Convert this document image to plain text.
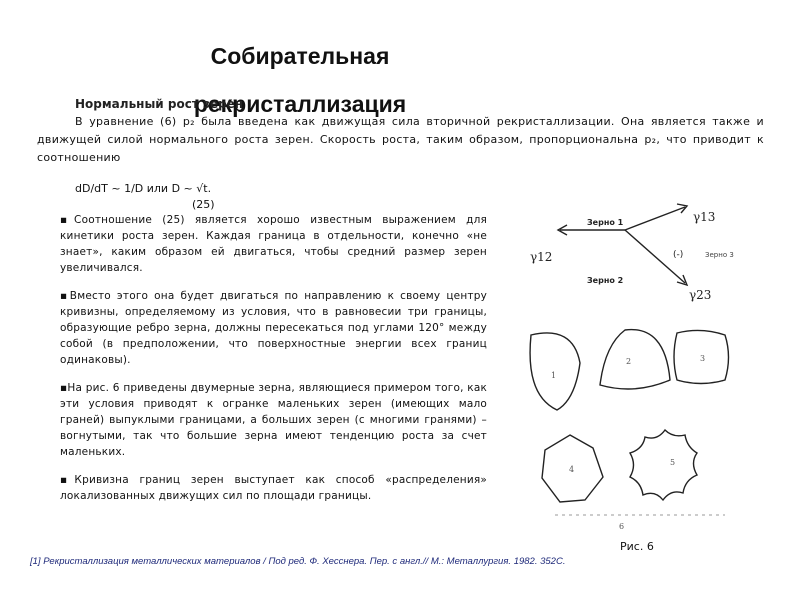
Собирательная
рекристаллизация
Нормальный рост зерен
В уравнение (6) p₂ была введена как движущая сила вторичной рекристаллизации. Она является также и движущей силой нормального роста зерен. Скорость роста, таким образом, пропорциональна p₂, что приводит к соотношению
dD/dT ~ 1/D или D ~ √t.
(25)

▪Соотношение (25) является хорошо известным выражением для кинетики роста зерен. Каждая граница в отдельности, конечно «не знает», каким образом ей двигаться, чтобы средний размер зерен увеличивался.

▪Вместо этого она будет двигаться по направлению к своему центру кривизны, определяемому из условия, что в равновесии три границы, образующие ребро зерна, должны пересекаться под углами 120° между собой (в предположении, что поверхностные энергии всех границ одинаковы).

▪На рис. 6 приведены двумерные зерна, являющиеся примером того, как эти условия приводят к огранке маленьких зерен (имеющих мало граней) выпуклыми границами, а больших зерен (с многими гранями) – вогнутыми, так что большие зерна имеют тенденцию роста за счет маленьких.

▪Кривизна границ зерен выступает как способ «распределения» локализованных движущих сил по площади границы.

Зерно 1
Зерно 2
Зерно 3
(-)
γ12
γ13
γ23
1
2	3
4
5
6
Рис. 6
[1] Рекристаллизация металлических материалов / Под ред. Ф. Хесснера. Пер. с англ.// М.: Металлургия. 1982. 352С.
